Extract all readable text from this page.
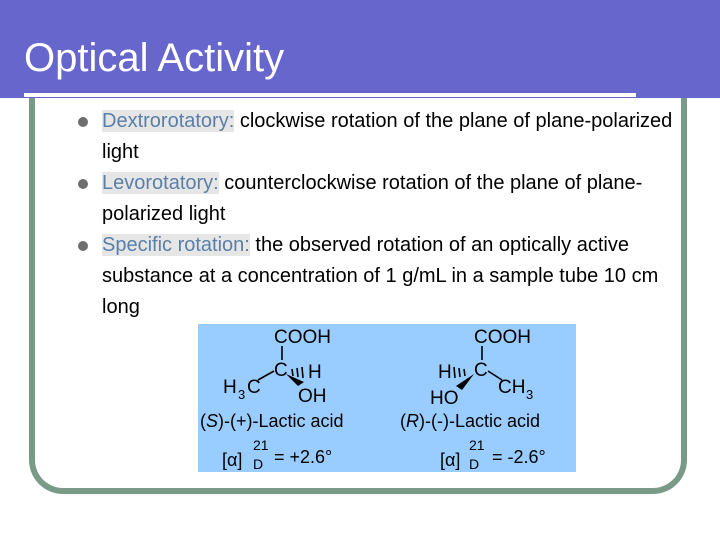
Optical Activity
Dextrorotatory: clockwise rotation of the plane of plane-polarized light
Levorotatory: counterclockwise rotation of the plane of plane-polarized light
Specific rotation: the observed rotation of an optically active substance at a concentration of 1 g/mL in a sample tube 10 cm long
COOH
C H
H 3 C OH
(S)-(+)-Lactic acid
[α]
21
D = +2.6°
COOH
C
H
HO
CH 3
(R)-(-)-Lactic acid
[α]
21
D = -2.6°
